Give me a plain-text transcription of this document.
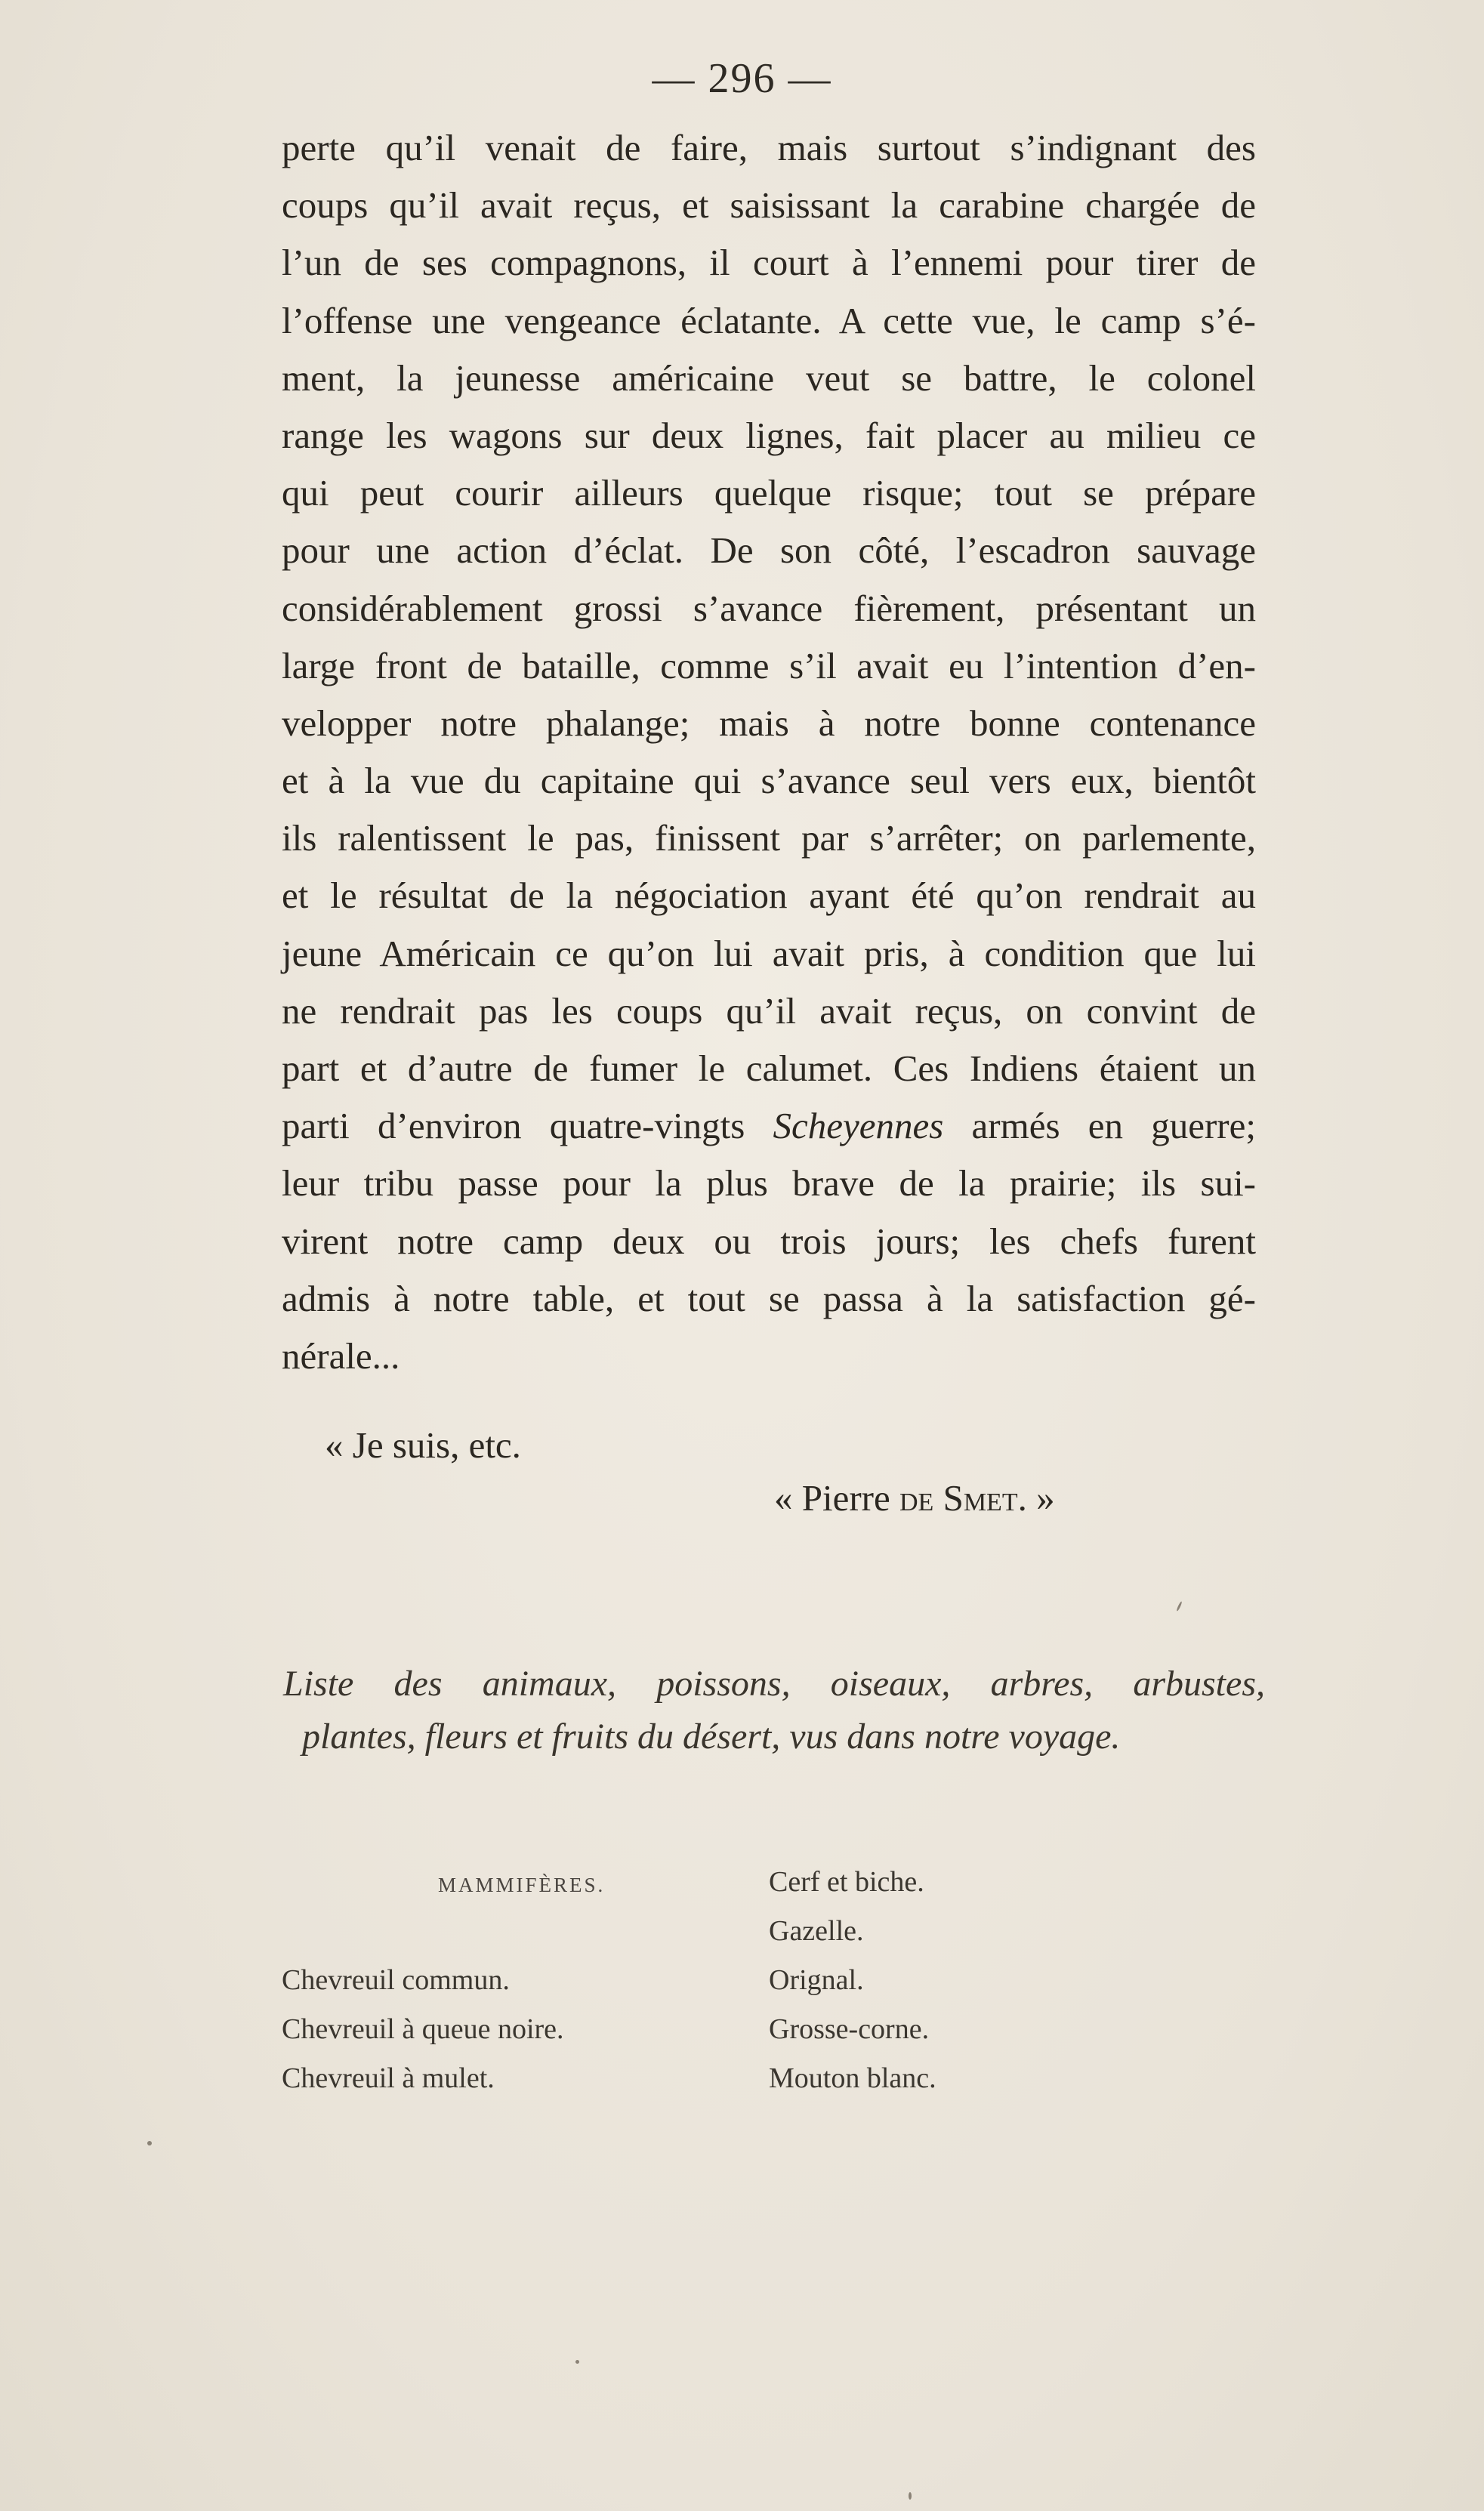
— 296 —
perte qu’il venait de faire, mais surtout s’indignant des
coups qu’il avait reçus, et saisissant la carabine chargée de
l’un de ses compagnons, il court à l’ennemi pour tirer de
l’offense une vengeance éclatante. A cette vue, le camp s’é-
ment, la jeunesse américaine veut se battre, le colonel
range les wagons sur deux lignes, fait placer au milieu ce
qui peut courir ailleurs quelque risque; tout se prépare
pour une action d’éclat. De son côté, l’escadron sauvage
considérablement grossi s’avance fièrement, présentant un
large front de bataille, comme s’il avait eu l’intention d’en-
velopper notre phalange; mais à notre bonne contenance
et à la vue du capitaine qui s’avance seul vers eux, bientôt
ils ralentissent le pas, finissent par s’arrêter; on parlemente,
et le résultat de la négociation ayant été qu’on rendrait au
jeune Américain ce qu’on lui avait pris, à condition que lui
ne rendrait pas les coups qu’il avait reçus, on convint de
part et d’autre de fumer le calumet. Ces Indiens étaient un
parti d’environ quatre-vingts Scheyennes armés en guerre;
leur tribu passe pour la plus brave de la prairie; ils sui-
virent notre camp deux ou trois jours; les chefs furent
admis à notre table, et tout se passa à la satisfaction gé-
nérale...
« Je suis, etc.
« Pierre de Smet. »
Liste des animaux, poissons, oiseaux, arbres, arbustes,
plantes, fleurs et fruits du désert, vus dans notre voyage.
MAMMIFÈRES.
Chevreuil commun.
Chevreuil à queue noire.
Chevreuil à mulet.
Cerf et biche.
Gazelle.
Orignal.
Grosse-corne.
Mouton blanc.
